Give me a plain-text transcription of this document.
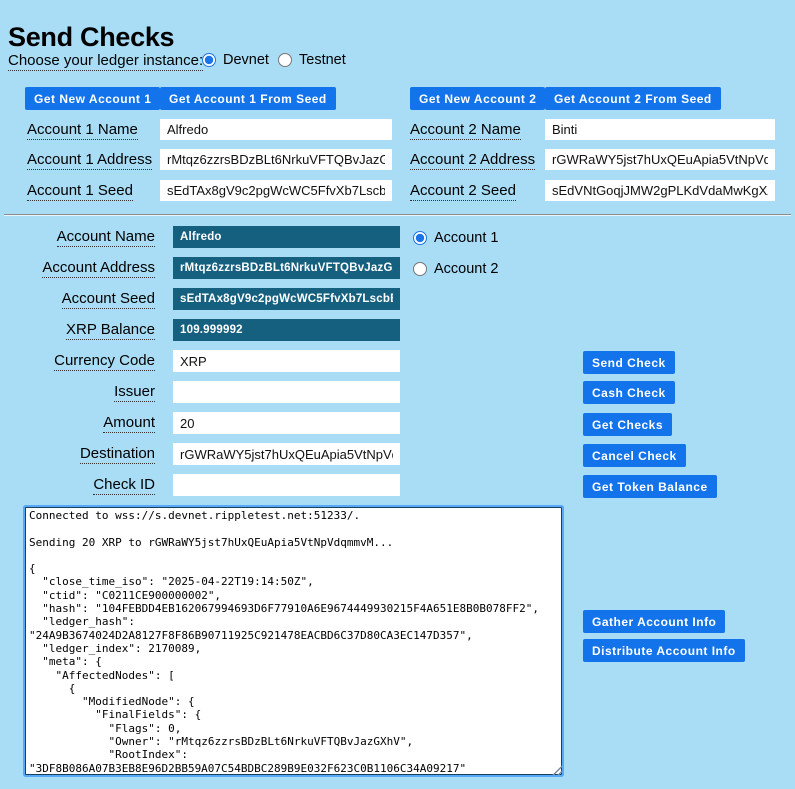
Send Checks
Choose your ledger instance: Devnet Testnet
Get New Account 1	Get Account 1 From Seed
Account 1 Name
Alfredo
Account 1 Address
rMtqz6zzrsBDzBLt6NrkuVFTQBvJazGXhV
Account 1 Seed
sEdTAx8gV9c2pgWcWC5FfvXb7LscbBc
Get New Account 2	Get Account 2 From Seed
Account 2 Name
Binti
Account 2 Address
rGWRaWY5jst7hUxQEuApia5VtNpVdqmmvM
Account 2 Seed
sEdVNtGoqjJMW2gPLKdVdaMwKgXAh5z
Account Name
Alfredo
Account Address
rMtqz6zzrsBDzBLt6NrkuVFTQBvJazGXhV
Account Seed
sEdTAx8gV9c2pgWcWC5FfvXb7LscbBc
XRP Balance
109.999992
Account 1
Account 2
Currency Code
XRP
Issuer
Amount
20
Destination
rGWRaWY5jst7hUxQEuApia5VtNpVdqmmvM
Check ID
Send Check
Cash Check
Get Checks
Cancel Check
Get Token Balance
Gather Account Info
Distribute Account Info
Connected to wss://s.devnet.rippletest.net:51233/. Sending 20 XRP to rGWRaWY5jst7hUxQEuApia5VtNpVdqmmvM... { "close_time_iso": "2025-04-22T19:14:50Z", "ctid": "C0211CE900000002", "hash": "104FEBDD4EB162067994693D6F77910A6E9674449930215F4A651E8B0B078FF2", "ledger_hash": "24A9B3674024D2A8127F8F86B90711925C921478EACBD6C37D80CA3EC147D357", "ledger_index": 2170089, "meta": { "AffectedNodes": [ { "ModifiedNode": { "FinalFields": { "Flags": 0, "Owner": "rMtqz6zzrsBDzBLt6NrkuVFTQBvJazGXhV", "RootIndex": "3DF8B086A07B3EB8E96D2BB59A07C54BDBC289B9E032F623C0B1106C34A09217"
